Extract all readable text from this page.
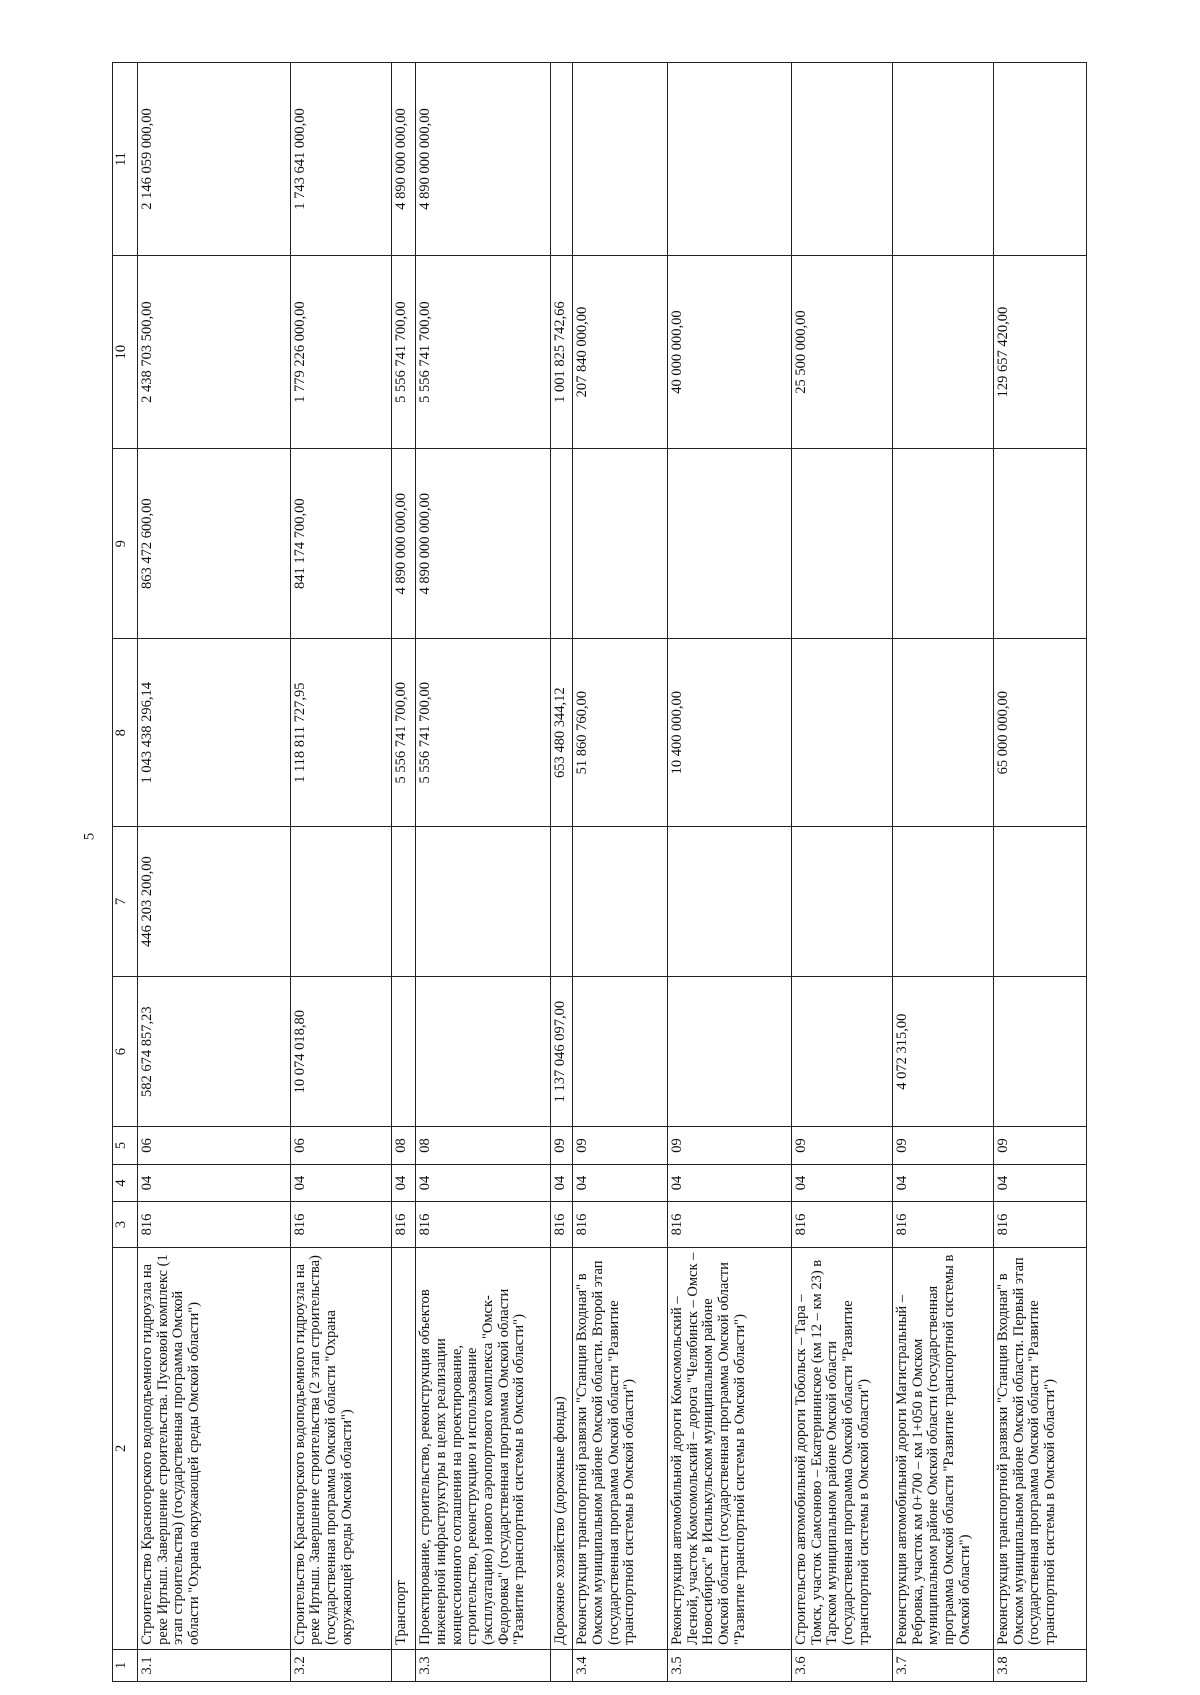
5
1	2	3	4	5	6	7	8	9	10	11
3.1	Строительство Красногорского водоподъемного гидроузла на реке Иртыш. Завершение строительства. Пусковой комплекс (1 этап строительства) (государственная программа Омской области "Охрана окружающей среды Омской области")	816	04	06	582 674 857,23	446 203 200,00	1 043 438 296,14	863 472 600,00	2 438 703 500,00	2 146 059 000,00
3.2	Строительство Красногорского водоподъемного гидроузла на реке Иртыш. Завершение строительства (2 этап строительства) (государственная программа Омской области "Охрана окружающей среды Омской области")	816	04	06	10 074 018,80		1 118 811 727,95	841 174 700,00	1 779 226 000,00	1 743 641 000,00
	Транспорт	816	04	08			5 556 741 700,00	4 890 000 000,00	5 556 741 700,00	4 890 000 000,00
3.3	Проектирование, строительство, реконструкция объектов инженерной инфраструктуры в целях реализации концессионного соглашения на проектирование, строительство, реконструкцию и использование (эксплуатацию) нового аэропортового комплекса "Омск-Федоровка" (государственная программа Омской области "Развитие транспортной системы в Омской области")	816	04	08			5 556 741 700,00	4 890 000 000,00	5 556 741 700,00	4 890 000 000,00
	Дорожное хозяйство (дорожные фонды)	816	04	09	1 137 046 097,00		653 480 344,12		1 001 825 742,66	
3.4	Реконструкция транспортной развязки "Станция Входная" в Омском муниципальном районе Омской области. Второй этап (государственная программа Омской области "Развитие транспортной системы в Омской области")	816	04	09			51 860 760,00		207 840 000,00	
3.5	Реконструкция автомобильной дороги Комсомольский – Лесной, участок Комсомольский – дорога "Челябинск – Омск – Новосибирск" в Исилькульском муниципальном районе Омской области (государственная программа Омской области "Развитие транспортной системы в Омской области")	816	04	09			10 400 000,00		40 000 000,00	
3.6	Строительство автомобильной дороги Тобольск – Тара – Томск, участок Самсоново – Екатерининское (км 12 – км 23) в Тарском муниципальном районе Омской области (государственная программа Омской области "Развитие транспортной системы в Омской области")	816	04	09					25 500 000,00	
3.7	Реконструкция автомобильной дороги Магистральный – Ребровка, участок км 0+700 – км 1+050 в Омском муниципальном районе Омской области (государственная программа Омской области "Развитие транспортной системы в Омской области")	816	04	09	4 072 315,00					
3.8	Реконструкция транспортной развязки "Станция Входная" в Омском муниципальном районе Омской области. Первый этап (государственная программа Омской области "Развитие транспортной системы в Омской области")	816	04	09			65 000 000,00		129 657 420,00	
